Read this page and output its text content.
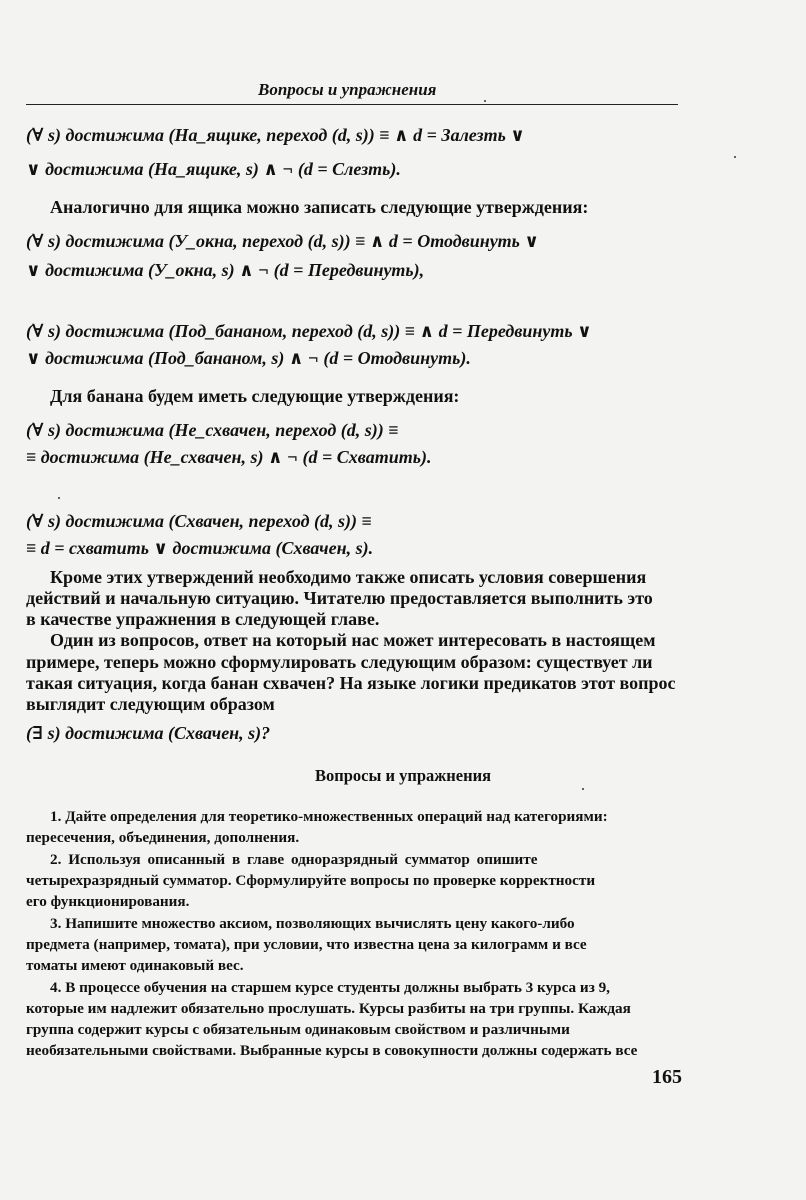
Вопросы и упражнения
(∀ s) достижима (На_ящике, переход (d, s)) ≡ ∧ d = Залезть ∨
∨ достижима (На_ящике, s) ∧ ¬ (d = Слезть).
Аналогично для ящика можно записать следующие утверждения:
(∀ s) достижима (У_окна, переход (d, s)) ≡ ∧ d = Отодвинуть ∨
∨ достижима (У_окна, s) ∧ ¬ (d = Передвинуть),
(∀ s) достижима (Под_бананом, переход (d, s)) ≡ ∧ d = Передвинуть ∨
∨ достижима (Под_бананом, s) ∧ ¬ (d = Отодвинуть).
Для банана будем иметь следующие утверждения:
(∀ s) достижима (Не_схвачен, переход (d, s)) ≡
≡ достижима (Не_схвачен, s) ∧ ¬ (d = Схватить).
(∀ s) достижима (Схвачен, переход (d, s)) ≡
≡ d = схватить ∨ достижима (Схвачен, s).
Кроме этих утверждений необходимо также описать условия совершения
действий и начальную ситуацию. Читателю предоставляется выполнить это
в качестве упражнения в следующей главе.
Один из вопросов, ответ на который нас может интересовать в настоящем
примере, теперь можно сформулировать следующим образом: существует ли
такая ситуация, когда банан схвачен? На языке логики предикатов этот вопрос
выглядит следующим образом
(∃ s) достижима (Схвачен, s)?
Вопросы и упражнения
1. Дайте определения для теоретико-множественных операций над категориями:
пересечения, объединения, дополнения.
2. Используя описанный в главе одноразрядный сумматор опишите
четырехразрядный сумматор. Сформулируйте вопросы по проверке корректности
его функционирования.
3. Напишите множество аксиом, позволяющих вычислять цену какого-либо
предмета (например, томата), при условии, что известна цена за килограмм и все
томаты имеют одинаковый вес.
4. В процессе обучения на старшем курсе студенты должны выбрать 3 курса из 9,
которые им надлежит обязательно прослушать. Курсы разбиты на три группы. Каждая
группа содержит курсы с обязательным одинаковым свойством и различными
необязательными свойствами. Выбранные курсы в совокупности должны содержать все
165
